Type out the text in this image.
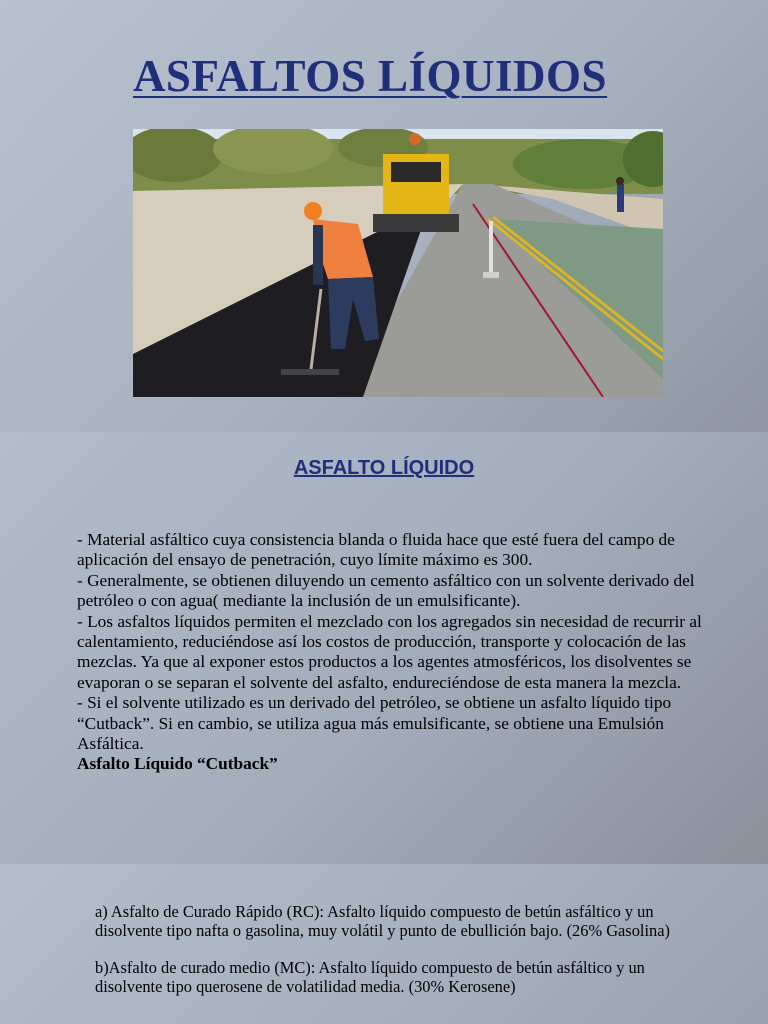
ASFALTOS LÍQUIDOS
ASFALTO LÍQUIDO

- Material asfáltico cuya consistencia blanda o fluida hace que esté fuera del campo de aplicación del ensayo de penetración, cuyo límite máximo es 300.

- Generalmente, se obtienen diluyendo un cemento asfáltico con un solvente derivado del petróleo o con agua( mediante la inclusión de un emulsificante).

- Los asfaltos líquidos permiten el mezclado con los agregados sin necesidad de recurrir al calentamiento, reduciéndose así los costos de producción, transporte y colocación de las mezclas. Ya que al exponer estos productos a los agentes atmosféricos, los disolventes se evaporan o se separan el solvente del asfalto, endureciéndose de esta manera la mezcla.

- Si el solvente utilizado es un derivado del petróleo, se obtiene un asfalto líquido tipo “Cutback”. Si en cambio, se utiliza agua más emulsificante, se obtiene una Emulsión Asfáltica.

Asfalto Líquido “Cutback”

a) Asfalto de Curado Rápido (RC): Asfalto líquido compuesto de betún asfáltico y un disolvente tipo nafta o gasolina, muy volátil y punto de ebullición bajo. (26% Gasolina)

b)Asfalto de curado medio (MC): Asfalto líquido compuesto de betún asfáltico y un disolvente tipo querosene de volatilidad media. (30% Kerosene)
